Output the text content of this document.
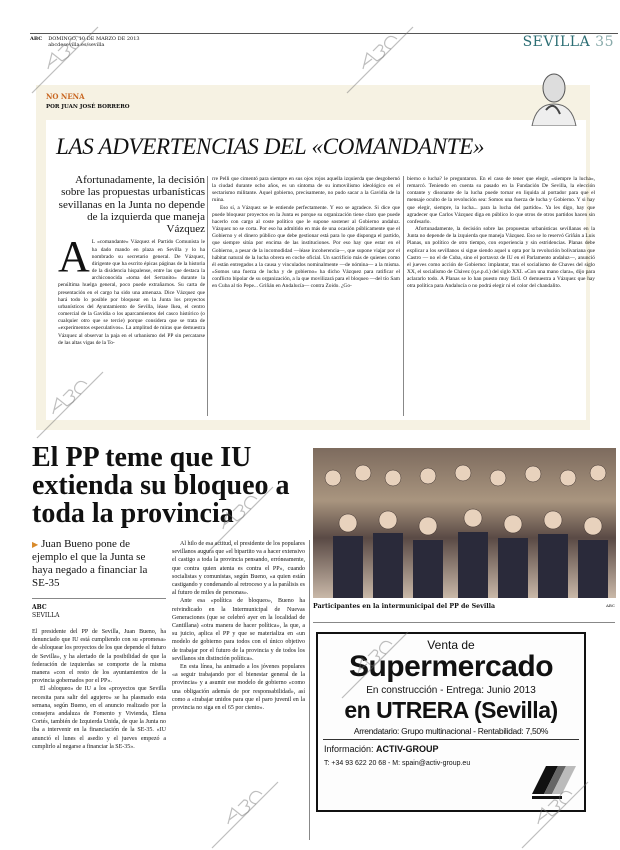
ABC DOMINGO, 10 DE MARZO DE 2013
abcdesevilla.es/sevilla	SEVILLA 35
NO NENA
POR JUAN JOSÉ BORRERO
LAS ADVERTENCIAS DEL «COMANDANTE»
Afortunadamente, la decisión sobre las propuestas urbanísticas sevillanas en la Junta no depende de la izquierda que maneja Vázquez
A L «comandante» Vázquez el Partido Comunista le ha dado mando en plaza en Sevilla y lo ha nombrado su secretario general. De Vázquez, dirigente que ha escrito épicas páginas de la historia de la disidencia hispalense, entre las que destaca la archiconocida «toma del Serranito» durante la penúltima huelga general, poco puede extrañarnos. Su carta de presentación en el cargo ha sido una amenaza. Dice Vázquez que hará todo lo posible por bloquear en la Junta los proyectos urbanísticos del Ayuntamiento de Sevilla, léase Ikea, el centro comercial de la Gavidia o los aparcamientos del casco histórico (o cualquier otro que se tercie) porque considera que se trata de «experimentos especulativos». La amplitud de miras que demuestra Vázquez al observar la paja en el urbanismo del PP sin percatarse de las altas vigas de la To-

rre Pelli que cimentó para siempre en sus ojos rojos aquella izquierda que desgobernó la ciudad durante ocho años, es un síntoma de su inmovilismo ideológico en el sectarismo militante. Aquel gobierno, precisamente, no pudo sacar a la Gavidia de la ruina.

Eso sí, a Vázquez se le entiende perfectamente. Y eso se agradece. Si dice que puede bloquear proyectos en la Junta es porque su organización tiene claro que puede hacerlo con cargo al coste político que le supone sostener al Gobierno andaluz. Vázquez no se corta. Por eso ha admitido en más de una ocasión públicamente que el Gobierno y el dinero público que debe gestionar está para lo que disponga el partido, que siempre sitúa por encima de las instituciones. Por eso hay que estar en el Gobierno, a pesar de la incomodidad —léase incoherencia—, que supone viajar por el hábitat natural de la lucha obrera en coche oficial. Un sacrificio más de quienes como él están entregados a la causa y vinculados nominalmente —de nómina— a la misma. «Somos una fuerza de lucha y de gobierno» ha dicho Vázquez para ratificar el conflicto bipolar de su organización, a la que movilizará para el bloqueo —del tío Sam en Cuba al tío Pepe... Griñán en Andalucía— contra Zoido. ¿Go-

bierno o lucha? le preguntaron. En el caso de tener que elegir, «siempre la lucha», remarcó. Teniendo en cuenta su pasado en la Fundación De Sevilla, la elección contante y disonante de la lucha puede tornar en liquida al portador para que el mensaje oculto de la revolución sea: Somos una fuerza de lucha y Gobierno. Y si hay que elegir, siempre, la lucha... para la lucha del partido». Ya les digo, hay que agradecer que Carlos Vázquez diga en público lo que otros de otros partidos hacen sin confesarlo.

Afortunadamente, la decisión sobre las propuestas urbanísticas sevillanas en la Junta no depende de la izquierda que maneja Vázquez. Eso se lo reservó Griñán a Luis Planas, un político de otro tiempo, con experiencia y sin estridencias. Planas debe explicar a los sevillanos si sigue siendo aquel u opta por la revolución bolivariana que Castro — no el de Cuba, sino el portavoz de IU en el Parlamento andaluz—, anunció el jueves como acción de Gobierno: implantar, tras el socialismo de Chaves del siglo XX, el socialismo de Chávez (q.e.p.d.) del siglo XXI. «Con una mano clara», dijo para aclararlo todo. A Planas se lo han puesto muy fácil. O demuestra a Vázquez que hay otra política para Andalucía o no podrá elegir ni el color del chandalito.

El PP teme que IU extienda su bloqueo a toda la provincia
▶ Juan Bueno pone de ejemplo el que la Junta se haya negado a financiar la SE-35
ABC
SEVILLA

El presidente del PP de Sevilla, Juan Bueno, ha denunciado que IU está cumpliendo con su «promesa» de «bloquear los proyectos de los que depende el futuro de Sevilla», y ha alertado de la posibilidad de que la federación de izquierdas se comporte de la misma manera «con el resto de los ayuntamientos de la provincia gobernados por el PP».

El «bloqueo» de IU a los «proyectos que Sevilla necesita para salir del agujero» se ha plasmado esta semana, según Bueno, en el anuncio realizado por la consejera andaluza de Fomento y Vivienda, Elena Cortés, también de Izquierda Unida, de que la Junta no iba a intervenir en la financiación de la SE-35. «IU anunció el lunes el asedio y el jueves empezó a cumplirlo al negarse a financiar la SE-35».

Al hilo de esa actitud, el presidente de los populares sevillanos augura que «el bipartito va a hacer extensivo el castigo a toda la provincia pensando, erróneamente, que contra quien atenta es contra el PP», cuando socialistas y comunistas, según Bueno, «a quien están castigando y condenando al retroceso y a la parálisis es al futuro de miles de personas».

Ante esa «política de bloqueo», Bueno ha reivindicado en la Intermunicipal de Nuevas Generaciones (que se celebró ayer en la localidad de Cantillana) «otra manera de hacer política», la que, a su juicio, aplica el PP y que se materializa en «un modelo de gobierno para todos con el único objetivo de trabajar por el futuro de la provincia y de todos los sevillanos sin distinción política».

En esta línea, ha animado a los jóvenes populares «a seguir trabajando por el bienestar general de la provincia» y a asumir ese modelo de gobierno «como una obligación además de por responsabilidad», así como a «trabajar unidos para que el paro juvenil en la provincia no siga en el 65 por ciento».

Participantes en la intermunicipal del PP de Sevilla	ABC
Venta de
Supermercado
En construcción - Entrega: Junio 2013
en UTRERA (Sevilla)
Arrendatario: Grupo multinacional - Rentabilidad: 7,50%
Información: ACTIV-GROUP
T: +34 93 622 20 68 - M: spain@activ-group.eu
